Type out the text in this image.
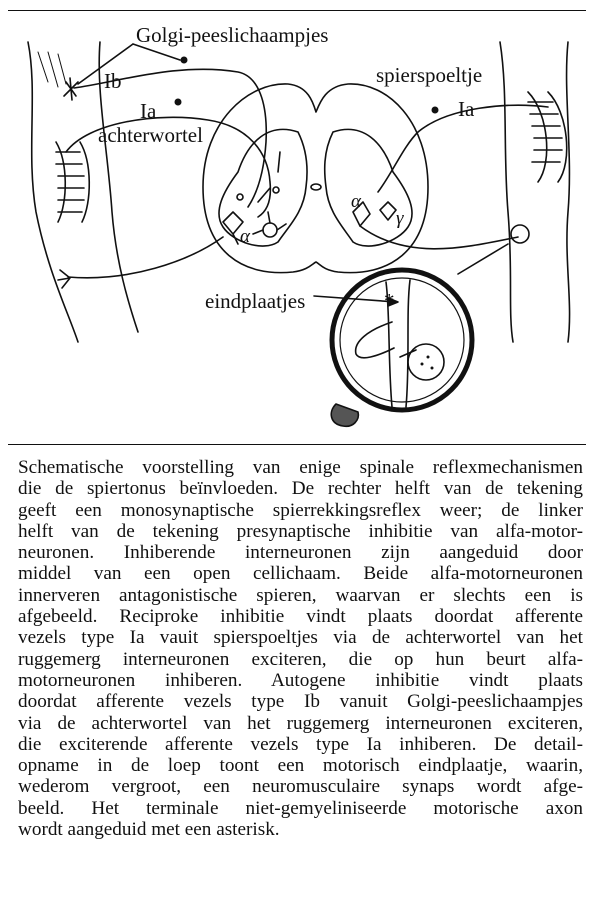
Golgi-peeslichaampjes
Ib
Ia
achterwortel
spierspoeltje
Ia
eindplaatjes
α
α
γ
*

Schematische voorstelling van enige spinale reflexmechanismen
die de spiertonus beïnvloeden. De rechter helft van de tekening
geeft een monosynaptische spierrekkingsreflex weer; de linker
helft van de tekening presynaptische inhibitie van alfa-motor-
neuronen. Inhiberende interneuronen zijn aangeduid door
middel van een open cellichaam. Beide alfa-motorneuronen
innerveren antagonistische spieren, waarvan er slechts een is
afgebeeld. Reciproke inhibitie vindt plaats doordat afferente
vezels type Ia vauit spierspoeltjes via de achterwortel van het
ruggemerg interneuronen exciteren, die op hun beurt alfa-
motorneuronen inhiberen. Autogene inhibitie vindt plaats
doordat afferente vezels type Ib vanuit Golgi-peeslichaampjes
via de achterwortel van het ruggemerg interneuronen exciteren,
die exciterende afferente vezels type Ia inhiberen. De detail-
opname in de loep toont een motorisch eindplaatje, waarin,
wederom vergroot, een neuromusculaire synaps wordt afge-
beeld. Het terminale niet-gemyeliniseerde motorische axon
wordt aangeduid met een asterisk.
